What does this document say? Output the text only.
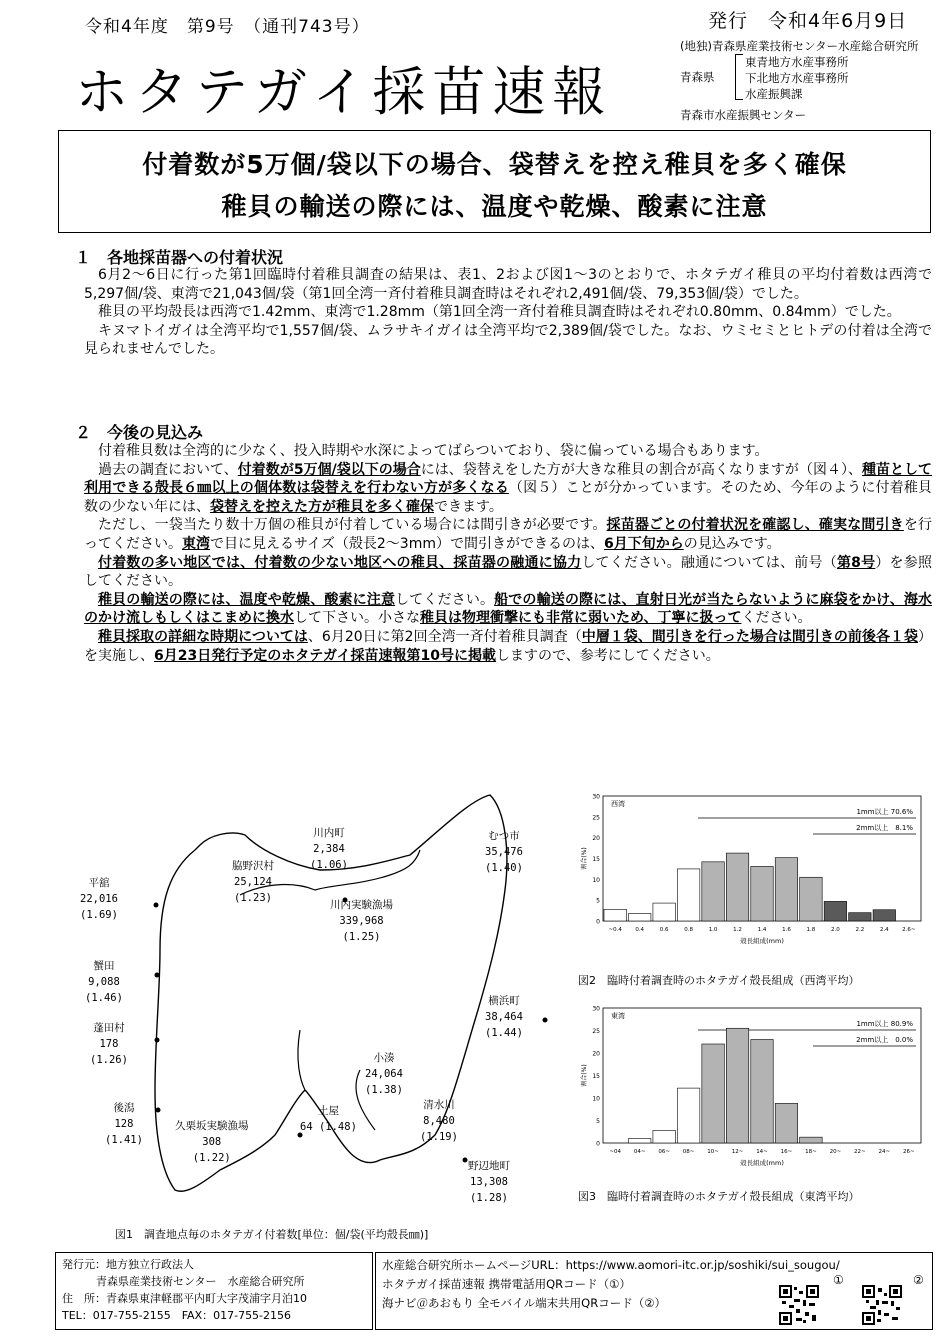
令和4年度　第9号　（通刊743号）	発行　令和4年6月9日
ホタテガイ採苗速報
(地独)青森県産業技術センター水産総合研究所
青森県
東青地方水産事務所
下北地方水産事務所
水産振興課
青森市水産振興センター
付着数が5万個/袋以下の場合、袋替えを控え稚貝を多く確保
稚貝の輸送の際には、温度や乾燥、酸素に注意
１　各地採苗器への付着状況

6月2～6日に行った第1回臨時付着稚貝調査の結果は、表1、2および図1～3のとおりで、ホタテガイ稚貝の平均付着数は西湾で5,297個/袋、東湾で21,043個/袋（第1回全湾一斉付着稚貝調査時はそれぞれ2,491個/袋、79,353個/袋）でした。

稚貝の平均殻長は西湾で1.42mm、東湾で1.28mm（第1回全湾一斉付着稚貝調査時はそれぞれ0.80mm、0.84mm）でした。

キヌマトイガイは全湾平均で1,557個/袋、ムラサキイガイは全湾平均で2,389個/袋でした。なお、ウミセミとヒトデの付着は全湾で見られませんでした。

２　今後の見込み

付着稚貝数は全湾的に少なく、投入時期や水深によってばらついており、袋に偏っている場合もあります。

過去の調査において、付着数が5万個/袋以下の場合には、袋替えをした方が大きな稚貝の割合が高くなりますが（図４）、種苗として利用できる殻長６㎜以上の個体数は袋替えを行わない方が多くなる（図５）ことが分かっています。そのため、今年のように付着稚貝数の少ない年には、袋替えを控えた方が稚貝を多く確保できます。

ただし、一袋当たり数十万個の稚貝が付着している場合には間引きが必要です。採苗器ごとの付着状況を確認し、確実な間引きを行ってください。東湾で目に見えるサイズ（殻長2～3mm）で間引きができるのは、6月下旬からの見込みです。

付着数の多い地区では、付着数の少ない地区への稚貝、採苗器の融通に協力してください。融通については、前号（第8号）を参照してください。

稚貝の輸送の際には、温度や乾燥、酸素に注意してください。船での輸送の際には、直射日光が当たらないように麻袋をかけ、海水のかけ流しもしくはこまめに換水して下さい。小さな稚貝は物理衝撃にも非常に弱いため、丁寧に扱ってください。

稚貝採取の詳細な時期については、6月20日に第2回全湾一斉付着稚貝調査（中層１袋、間引きを行った場合は間引きの前後各１袋）を実施し、6月23日発行予定のホタテガイ採苗速報第10号に掲載しますので、参考にしてください。

平舘
22,016
(1.69)
蟹田
9,088
(1.46)
蓬田村
178
(1.26)
後潟
128
(1.41)
久栗坂実験漁場
308
(1.22)
土屋
64 (1.48)
小湊
24,064
(1.38)
清水川
8,480
(1.19)
野辺地町
13,308
(1.28)
横浜町
38,464
(1.44)
むつ市
35,476
(1.40)
川内町
2,384
(1.06)
川内実験漁場
339,968
(1.25)
脇野沢村
25,124
(1.23)
図1　調査地点毎のホタテガイ付着数[単位：個/袋(平均殻長㎜)]
0
5
10
15
20
25
30
割合(%)
西湾
1mm以上 70.6%
2mm以上　8.1%
~0.4 0.4	0.6	0.8	1.0	1.2	1.4	1.6	1.8	2.0	2.2	2.4 2.6~
殻長組成(mm)
図2　臨時付着調査時のホタテガイ殻長組成（西湾平均）
0
5
10
15
20
25
30
割合(%)
東湾
1mm以上 80.9%
2mm以上　0.0%
~04 04~ 06~ 08~ 10~ 12~ 14~ 16~ 18~ 20~ 22~ 24~ 26~
殻長組成(mm)
図3　臨時付着調査時のホタテガイ殻長組成（東湾平均）
発行元：地方独立行政法人
青森県産業技術センター　水産総合研究所
住　所：青森県東津軽郡平内町大字茂浦字月泊10
TEL：017-755-2155　FAX：017-755-2156
水産総合研究所ホームページURL：https://www.aomori-itc.or.jp/soshiki/sui_sougou/
ホタテガイ採苗速報 携帯電話用QRコード（①）
海ナビ＠あおもり 全モバイル端末共用QRコード（②）
①	②
